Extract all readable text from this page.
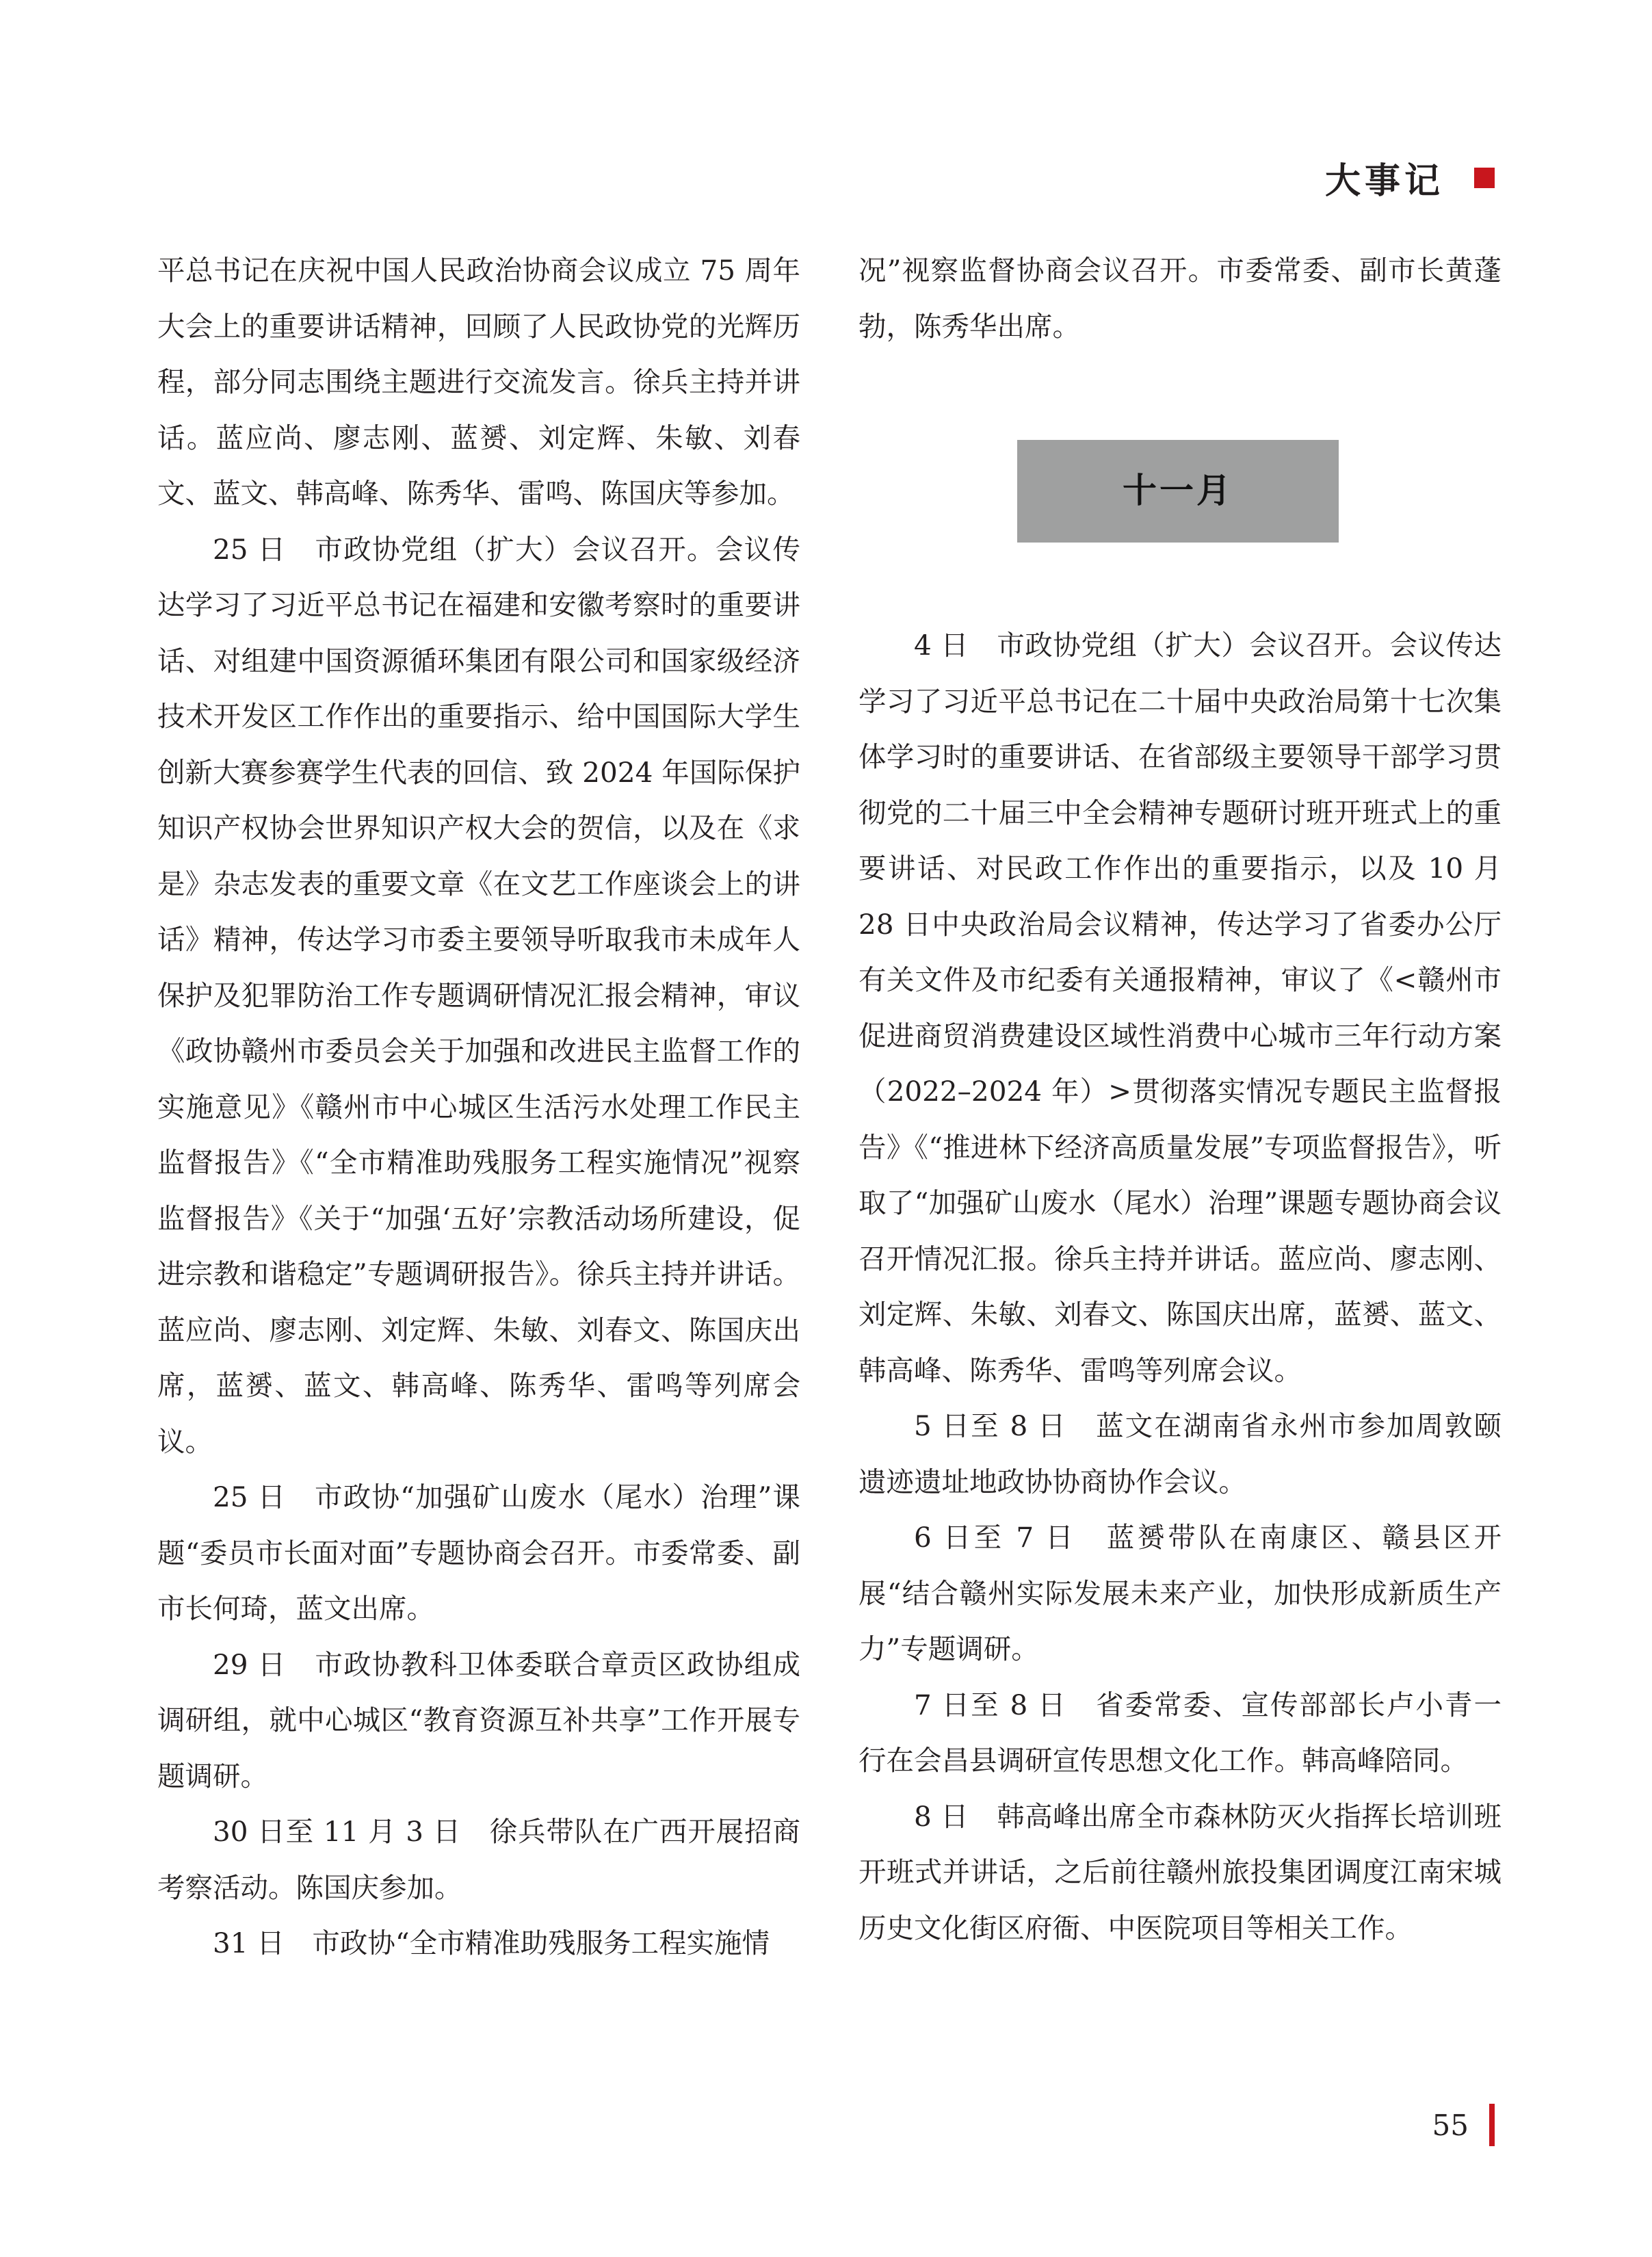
大事记

平总书记在庆祝中国人民政治协商会议成立 75 周年大会上的重要讲话精神，回顾了人民政协党的光辉历程，部分同志围绕主题进行交流发言。徐兵主持并讲话。蓝应尚、廖志刚、蓝赟、刘定辉、朱敏、刘春文、蓝文、韩高峰、陈秀华、雷鸣、陈国庆等参加。

25 日　市政协党组（扩大）会议召开。会议传达学习了习近平总书记在福建和安徽考察时的重要讲话、对组建中国资源循环集团有限公司和国家级经济技术开发区工作作出的重要指示、给中国国际大学生创新大赛参赛学生代表的回信、致 2024 年国际保护知识产权协会世界知识产权大会的贺信，以及在《求是》杂志发表的重要文章《在文艺工作座谈会上的讲话》精神，传达学习市委主要领导听取我市未成年人保护及犯罪防治工作专题调研情况汇报会精神，审议《政协赣州市委员会关于加强和改进民主监督工作的实施意见》《赣州市中心城区生活污水处理工作民主监督报告》《“全市精准助残服务工程实施情况”视察监督报告》《关于“加强‘五好’宗教活动场所建设，促进宗教和谐稳定”专题调研报告》。徐兵主持并讲话。蓝应尚、廖志刚、刘定辉、朱敏、刘春文、陈国庆出席，蓝赟、蓝文、韩高峰、陈秀华、雷鸣等列席会议。

25 日　市政协“加强矿山废水（尾水）治理”课题“委员市长面对面”专题协商会召开。市委常委、副市长何琦，蓝文出席。

29 日　市政协教科卫体委联合章贡区政协组成调研组，就中心城区“教育资源互补共享”工作开展专题调研。

30 日至 11 月 3 日　徐兵带队在广西开展招商考察活动。陈国庆参加。

31 日　市政协“全市精准助残服务工程实施情

况”视察监督协商会议召开。市委常委、副市长黄蓬勃，陈秀华出席。

十一月

4 日　市政协党组（扩大）会议召开。会议传达学习了习近平总书记在二十届中央政治局第十七次集体学习时的重要讲话、在省部级主要领导干部学习贯彻党的二十届三中全会精神专题研讨班开班式上的重要讲话、对民政工作作出的重要指示，以及 10 月 28 日中央政治局会议精神，传达学习了省委办公厅有关文件及市纪委有关通报精神，审议了《<赣州市促进商贸消费建设区域性消费中心城市三年行动方案（2022–2024 年）>贯彻落实情况专题民主监督报告》《“推进林下经济高质量发展”专项监督报告》，听取了“加强矿山废水（尾水）治理”课题专题协商会议召开情况汇报。徐兵主持并讲话。蓝应尚、廖志刚、刘定辉、朱敏、刘春文、陈国庆出席，蓝赟、蓝文、韩高峰、陈秀华、雷鸣等列席会议。

5 日至 8 日　蓝文在湖南省永州市参加周敦颐遗迹遗址地政协协商协作会议。

6 日至 7 日　蓝赟带队在南康区、赣县区开展“结合赣州实际发展未来产业，加快形成新质生产力”专题调研。

7 日至 8 日　省委常委、宣传部部长卢小青一行在会昌县调研宣传思想文化工作。韩高峰陪同。

8 日　韩高峰出席全市森林防灭火指挥长培训班开班式并讲话，之后前往赣州旅投集团调度江南宋城历史文化街区府衙、中医院项目等相关工作。

55
